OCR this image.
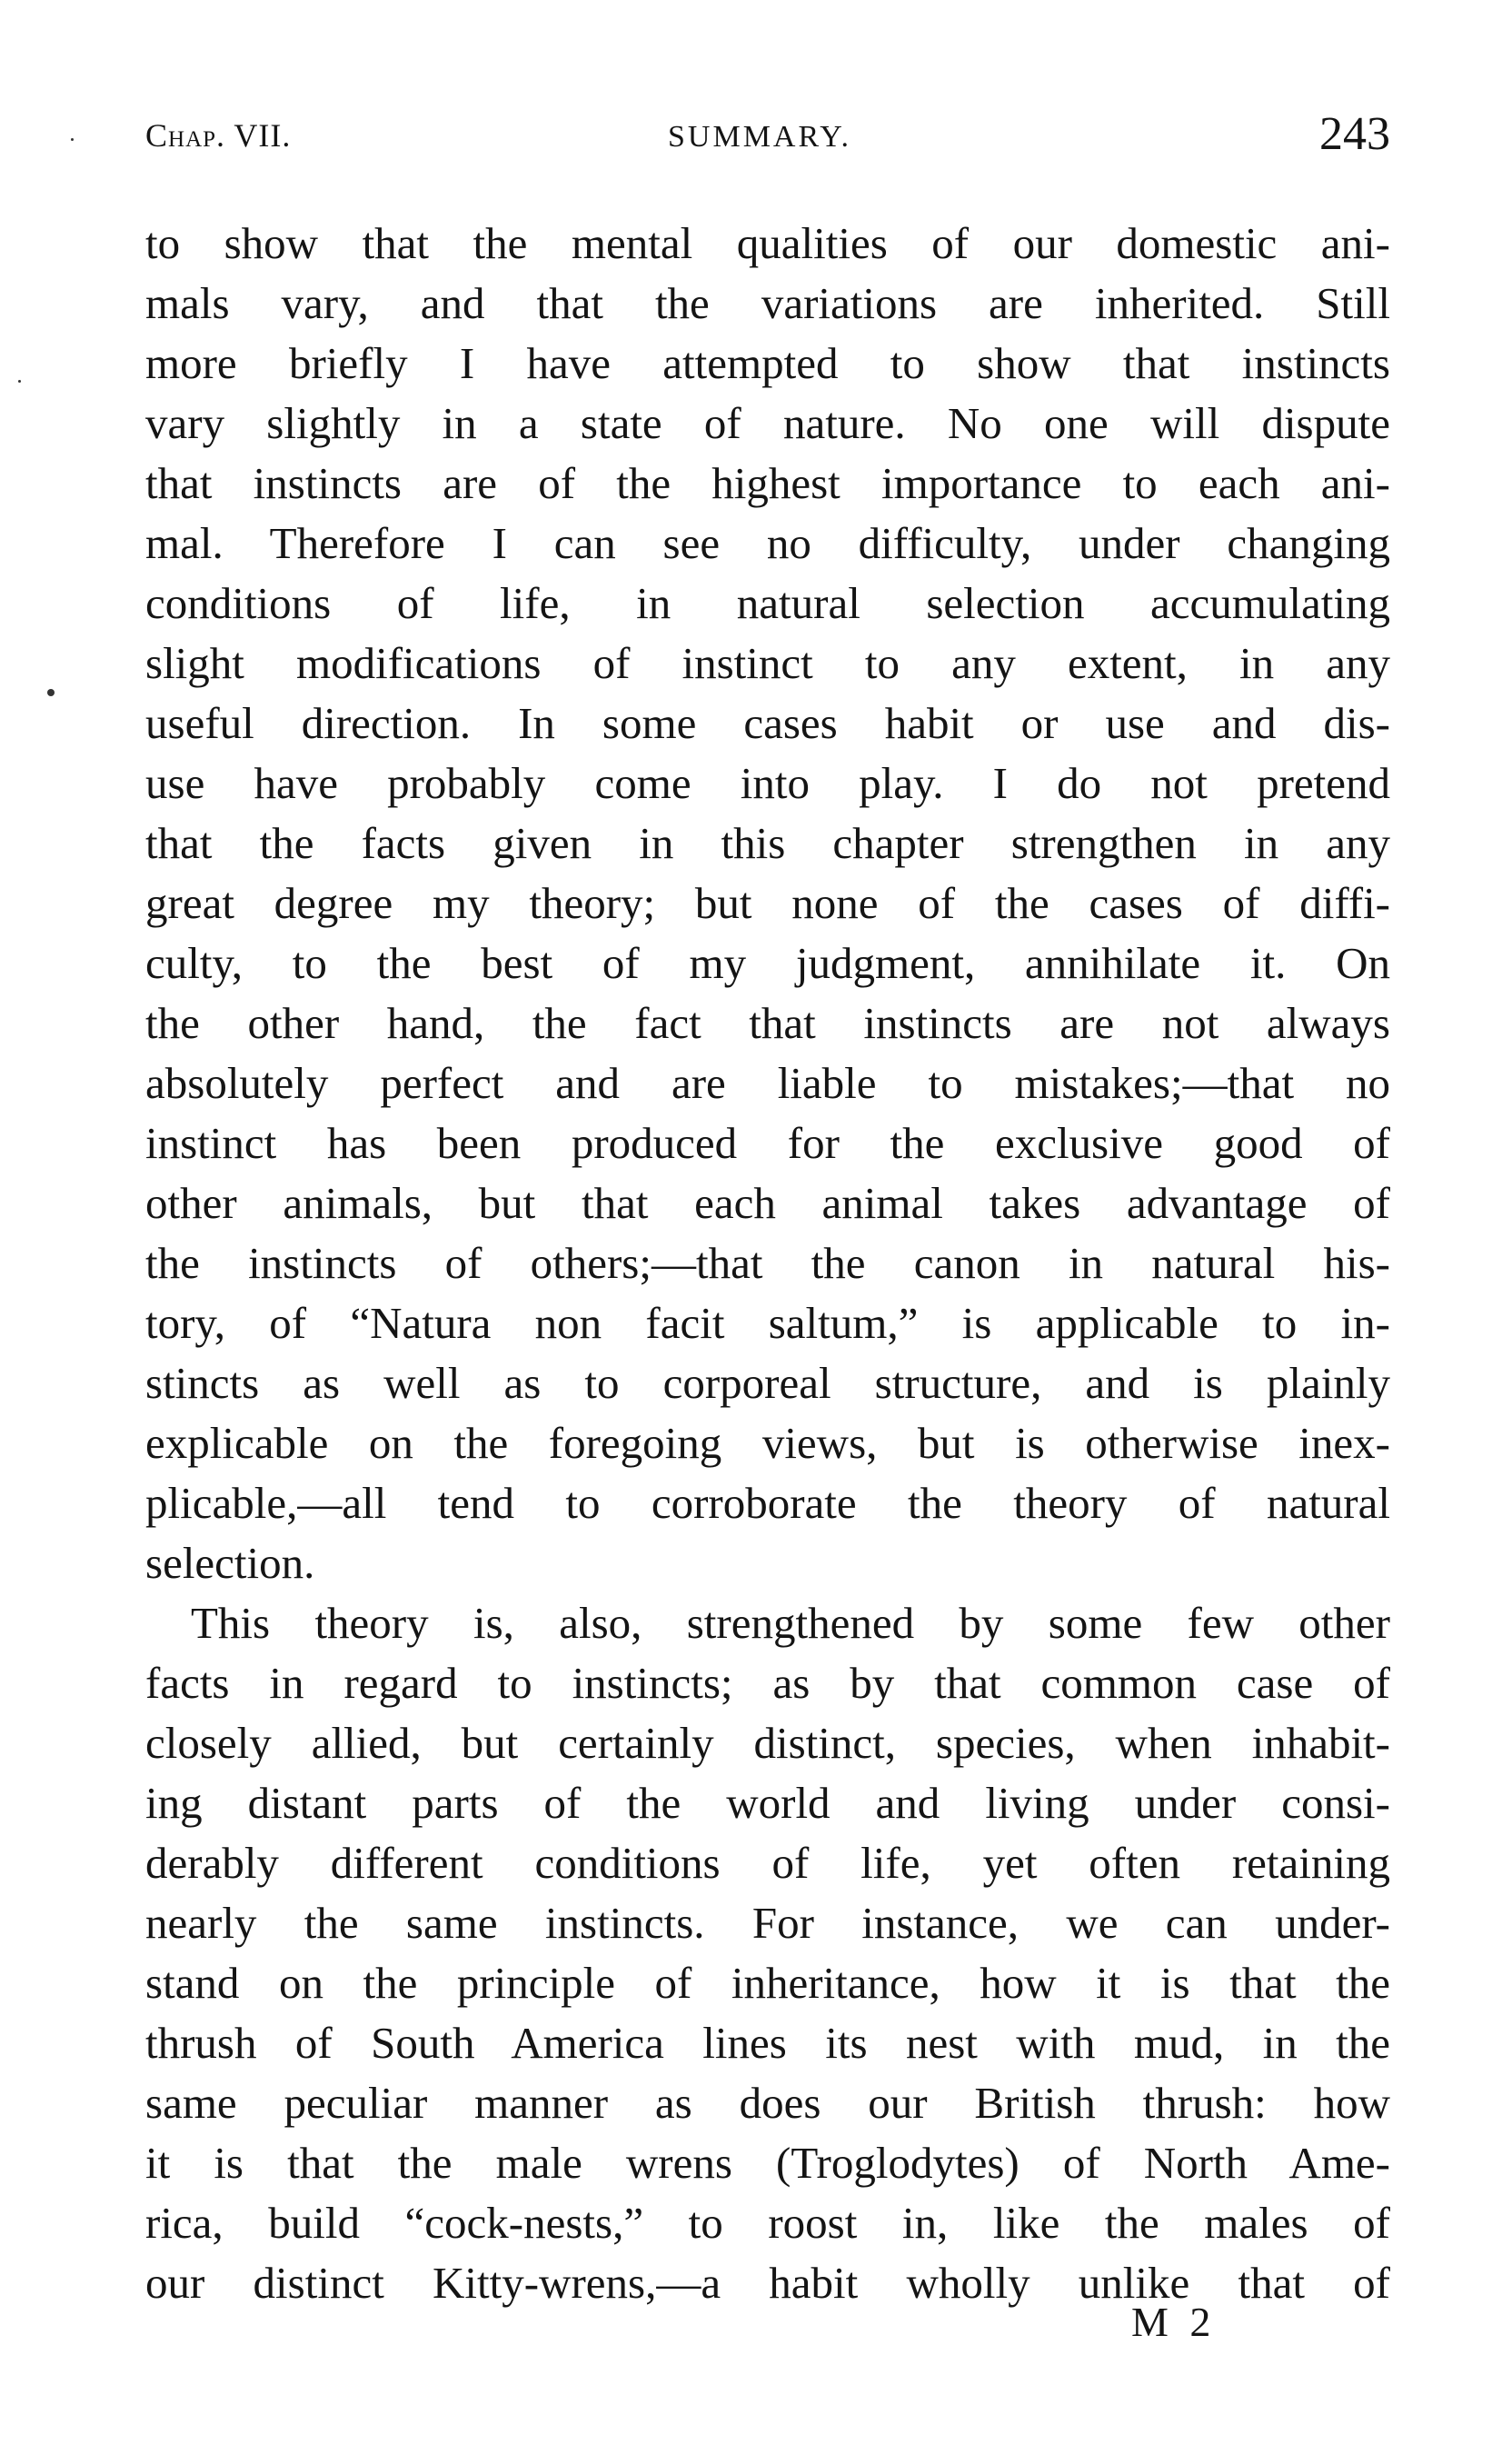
Chap. VII.	SUMMARY.	243
to show that the mental qualities of our domestic ani-
mals vary, and that the variations are inherited. Still
more briefly I have attempted to show that instincts
vary slightly in a state of nature. No one will dispute
that instincts are of the highest importance to each ani-
mal. Therefore I can see no difficulty, under changing
conditions of life, in natural selection accumulating
slight modifications of instinct to any extent, in any
useful direction. In some cases habit or use and dis-
use have probably come into play. I do not pretend
that the facts given in this chapter strengthen in any
great degree my theory; but none of the cases of diffi-
culty, to the best of my judgment, annihilate it. On
the other hand, the fact that instincts are not always
absolutely perfect and are liable to mistakes;—that no
instinct has been produced for the exclusive good of
other animals, but that each animal takes advantage of
the instincts of others;—that the canon in natural his-
tory, of “Natura non facit saltum,” is applicable to in-
stincts as well as to corporeal structure, and is plainly
explicable on the foregoing views, but is otherwise inex-
plicable,—all tend to corroborate the theory of natural
selection.
This theory is, also, strengthened by some few other
facts in regard to instincts; as by that common case of
closely allied, but certainly distinct, species, when inhabit-
ing distant parts of the world and living under consi-
derably different conditions of life, yet often retaining
nearly the same instincts. For instance, we can under-
stand on the principle of inheritance, how it is that the
thrush of South America lines its nest with mud, in the
same peculiar manner as does our British thrush: how
it is that the male wrens (Troglodytes) of North Ame-
rica, build “cock-nests,” to roost in, like the males of
our distinct Kitty-wrens,—a habit wholly unlike that of
M 2
